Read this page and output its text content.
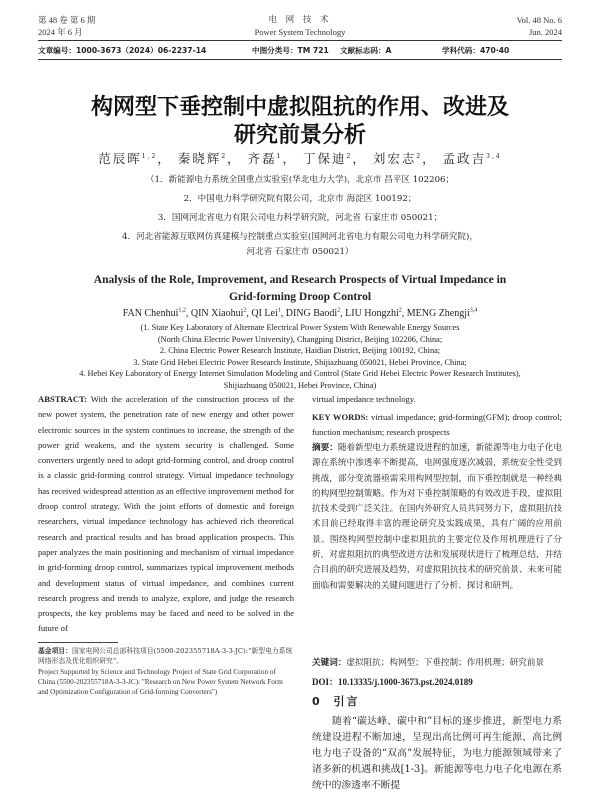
第 48 卷 第 6 期
2024 年 6 月
电 网 技 术
Power System Technology
Vol. 48 No. 6
Jun. 2024
文章编号：1000-3673（2024）06-2237-14	中图分类号：TM 721 文献标志码：A	学科代码：470·40
构网型下垂控制中虚拟阻抗的作用、改进及
研究前景分析
范辰晖$^{1,2}$， 秦晓辉$^2$， 齐磊$^1$， 丁保迪$^2$， 刘宏志$^2$， 孟政吉$^{3,4}$
（1．新能源电力系统全国重点实验室(华北电力大学)，北京市 昌平区 102206；
2．中国电力科学研究院有限公司，北京市 海淀区 100192；
3．国网河北省电力有限公司电力科学研究院，河北省 石家庄市 050021；
4．河北省能源互联网仿真建模与控制重点实验室(国网河北省电力有限公司电力科学研究院)，
河北省 石家庄市 050021）
Analysis of the Role, Improvement, and Research Prospects of Virtual Impedance in
Grid-forming Droop Control
FAN Chenhui$^{1,2}$, QIN Xiaohui$^2$, QI Lei$^1$, DING Baodi$^2$, LIU Hongzhi$^2$, MENG Zhengji$^{3,4}$
(1. State Key Laboratory of Alternate Electrical Power System With Renewable Energy Sources
(North China Electric Power University), Changping District, Beijing 102206, China;
2. China Electric Power Research Institute, Haidian District, Beijing 100192, China;
3. State Grid Hebei Electric Power Research Institute, Shijiazhuang 050021, Hebei Province, China;
4. Hebei Key Laboratory of Energy Internet Simulation Modeling and Control (State Grid Hebei Electric Power Research Institutes),
Shijiazhuang 050021, Hebei Province, China)
ABSTRACT: With the acceleration of the construction process of the new power system, the penetration rate of new energy and other power electronic sources in the system continues to increase, the strength of the power grid weakens, and the system security is challenged. Some converters urgently need to adopt grid-forming control, and droop control is a classic grid-forming control strategy. Virtual impedance technology has received widespread attention as an effective improvement method for droop control strategy. With the joint efforts of domestic and foreign researchers, virtual impedance technology has achieved rich theoretical research and practical results and has broad application prospects. This paper analyzes the main positioning and mechanism of virtual impedance in grid-forming droop control, summarizes typical improvement methods and development status of virtual impedance, and combines current research progress and trends to analyze, explore, and judge the research prospects, the key problems may be faced and need to be solved in the future of
基金项目：国家电网公司总部科技项目(5500-202355718A-3-3-JC):“新型电力系统网络形态及优化组织研究”。
Project Supported by Science and Technology Project of State Grid Corporation of China (5500-202355718A-3-3-JC): "Research on New Power System Network Form and Optimization Configuration of Grid-forming Converters")
virtual impedance technology.
KEY WORDS: virtual impedance; grid-forming(GFM); droop control; function mechanism; research prospects
摘要：随着新型电力系统建设进程的加速，新能源等电力电子化电源在系统中渗透率不断提高，电网强度逐次减弱，系统安全性受到挑战，部分变流器亟需采用构网型控制，而下垂控制就是一种经典的构网型控制策略。作为对下垂控制策略的有效改进手段，虚拟阻抗技术受到广泛关注。在国内外研究人员共同努力下，虚拟阻抗技术目前已经取得丰富的理论研究及实践成果，具有广阔的应用前景。围绕构网型控制中虚拟阻抗的主要定位及作用机理进行了分析，对虚拟阻抗的典型改进方法和发展现状进行了梳理总结，并结合目前的研究进展及趋势，对虚拟阻抗技术的研究前景、未来可能面临和需要解决的关键问题进行了分析、探讨和研判。
关键词：虚拟阻抗；构网型；下垂控制；作用机理；研究前景
DOI：10.13335/j.1000-3673.pst.2024.0189
0 引言
随着“碳达峰、碳中和”目标的逐步推进，新型电力系统建设进程不断加速，呈现出高比例可再生能源、高比例电力电子设备的“双高”发展特征，为电力能源领域带来了诸多新的机遇和挑战[1-3]。新能源等电力电子化电源在系统中的渗透率不断提
